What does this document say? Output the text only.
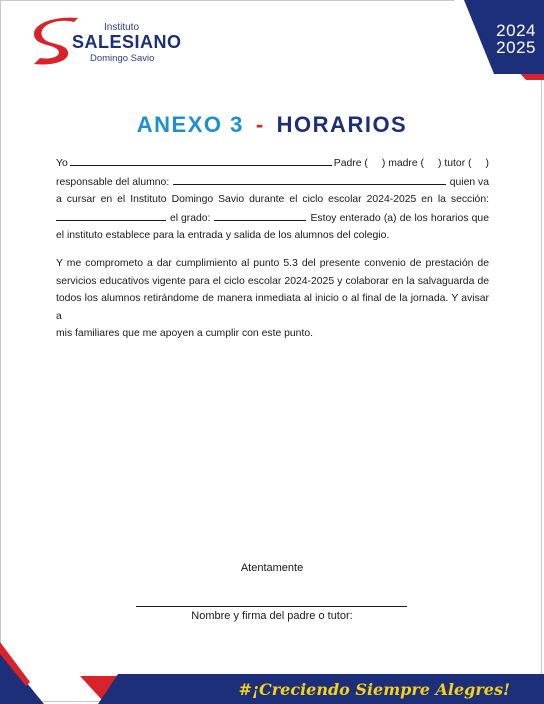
Instituto
SALESIANO
Domingo Savio
2024
2025
ANEXO 3 - HORARIOS
Yo	Padre ( ) madre ( ) tutor ( )
responsable del alumno:	quien va
a cursar en el Instituto Domingo Savio durante el ciclo escolar 2024-2025 en la sección:
el grado:	Estoy enterado (a) de los horarios que
el instituto establece para la entrada y salida de los alumnos del colegio.
Y me comprometo a dar cumplimiento al punto 5.3 del presente convenio de prestación de
servicios educativos vigente para el ciclo escolar 2024-2025 y colaborar en la salvaguarda de
todos los alumnos retirándome de manera inmediata al inicio o al final de la jornada. Y avisar a
mis familiares que me apoyen a cumplir con este punto.
Atentamente
Nombre y firma del padre o tutor:
#¡Creciendo Siempre Alegres!
